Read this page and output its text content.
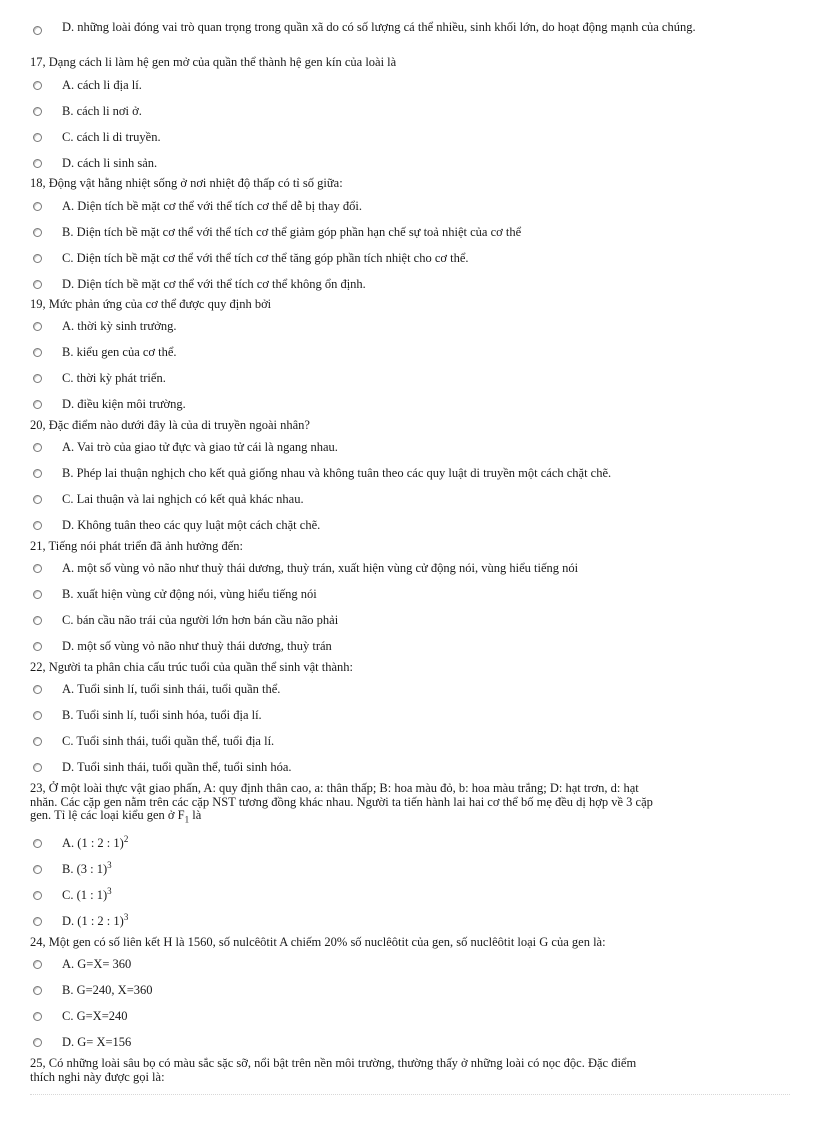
D. những loài đóng vai trò quan trọng trong quần xã do có số lượng cá thể nhiều, sinh khối lớn, do hoạt động mạnh của chúng.
17, Dạng cách li làm hệ gen mở của quần thể thành hệ gen kín của loài là
A. cách li địa lí.
B. cách li nơi ở.
C. cách li di truyền.
D. cách li sinh sản.
18, Động vật hằng nhiệt sống ở nơi nhiệt độ thấp có tỉ số giữa:
A. Diện tích bề mặt cơ thể với thể tích cơ thể dễ bị thay đổi.
B. Diện tích bề mặt cơ thể với thể tích cơ thể giảm góp phần hạn chế sự toả nhiệt của cơ thể
C. Diện tích bề mặt cơ thể với thể tích cơ thể tăng góp phần tích nhiệt cho cơ thể.
D. Diện tích bề mặt cơ thể với thể tích cơ thể không ổn định.
19, Mức phản ứng của cơ thể được quy định bởi
A. thời kỳ sinh trưởng.
B. kiểu gen của cơ thể.
C. thời kỳ phát triển.
D. điều kiện môi trường.
20, Đặc điểm nào dưới đây là của di truyền ngoài nhân?
A. Vai trò của giao tử đực và giao tử cái là ngang nhau.
B. Phép lai thuận nghịch cho kết quả giống nhau và không tuân theo các quy luật di truyền một cách chặt chẽ.
C. Lai thuận và lai nghịch có kết quả khác nhau.
D. Không tuân theo các quy luật một cách chặt chẽ.
21, Tiếng nói phát triển đã ảnh hưởng đến:
A. một số vùng vỏ não như thuỳ thái dương, thuỳ trán, xuất hiện vùng cử động nói, vùng hiểu tiếng nói
B. xuất hiện vùng cử động nói, vùng hiểu tiếng nói
C. bán cầu não trái của người lớn hơn bán cầu não phải
D. một số vùng vỏ não như thuỳ thái dương, thuỳ trán
22, Người ta phân chia cấu trúc tuổi của quần thể sinh vật thành:
A. Tuổi sinh lí, tuổi sinh thái, tuổi quần thể.
B. Tuổi sinh lí, tuổi sinh hóa, tuổi địa lí.
C. Tuổi sinh thái, tuổi quần thể, tuổi địa lí.
D. Tuổi sinh thái, tuổi quần thể, tuổi sinh hóa.
23, Ở một loài thực vật giao phấn, A: quy định thân cao, a: thân thấp; B: hoa màu đỏ, b: hoa màu trắng; D: hạt trơn, d: hạt
nhăn. Các cặp gen nằm trên các cặp NST tương đồng khác nhau. Người ta tiến hành lai hai cơ thể bố mẹ đều dị hợp về 3 cặp
gen. Tỉ lệ các loại kiểu gen ở $F_1$ là
A. (1 : 2 : 1)$^2$
B. (3 : 1)$^3$
C. (1 : 1)$^3$
D. (1 : 2 : 1)$^3$
24, Một gen có số liên kết H là 1560, số nulcêôtit A chiếm 20% số nuclêôtit của gen, số nuclêôtit loại G của gen là:
A. G=X= 360
B. G=240, X=360
C. G=X=240
D. G= X=156
25, Có những loài sâu bọ có màu sắc sặc sỡ, nổi bật trên nền môi trường, thường thấy ở những loài có nọc độc. Đặc điểm
thích nghi này được gọi là:
